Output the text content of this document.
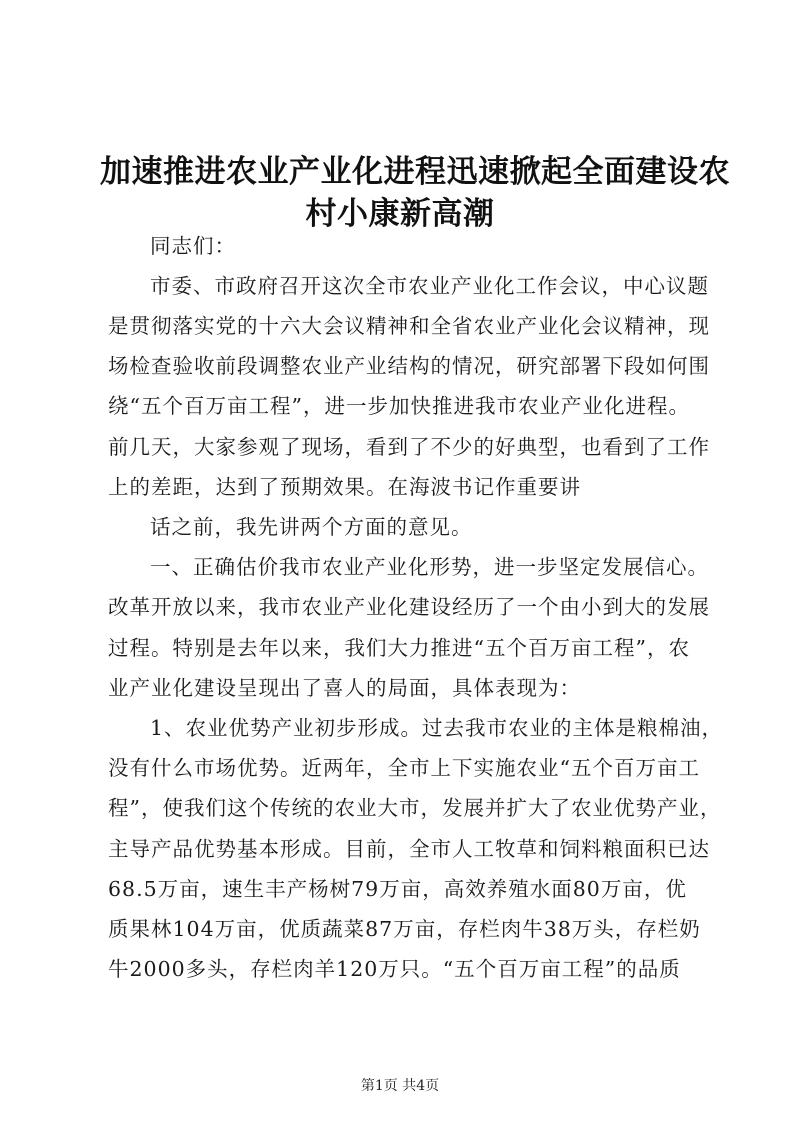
加速推进农业产业化进程迅速掀起全面建设农
村小康新高潮
同志们：
市委、市政府召开这次全市农业产业化工作会议，中心议题
是贯彻落实党的十六大会议精神和全省农业产业化会议精神，现
场检查验收前段调整农业产业结构的情况，研究部署下段如何围
绕“五个百万亩工程”，进一步加快推进我市农业产业化进程。
前几天，大家参观了现场，看到了不少的好典型，也看到了工作
上的差距，达到了预期效果。在海波书记作重要讲
话之前，我先讲两个方面的意见。
一、正确估价我市农业产业化形势，进一步坚定发展信心。
改革开放以来，我市农业产业化建设经历了一个由小到大的发展
过程。特别是去年以来，我们大力推进“五个百万亩工程”，农
业产业化建设呈现出了喜人的局面，具体表现为：
1、农业优势产业初步形成。过去我市农业的主体是粮棉油，
没有什么市场优势。近两年，全市上下实施农业“五个百万亩工
程”，使我们这个传统的农业大市，发展并扩大了农业优势产业，
主导产品优势基本形成。目前，全市人工牧草和饲料粮面积已达
68.5万亩，速生丰产杨树79万亩，高效养殖水面80万亩，优
质果林104万亩，优质蔬菜87万亩，存栏肉牛38万头，存栏奶
牛2000多头，存栏肉羊120万只。“五个百万亩工程”的品质
第1页 共4页
